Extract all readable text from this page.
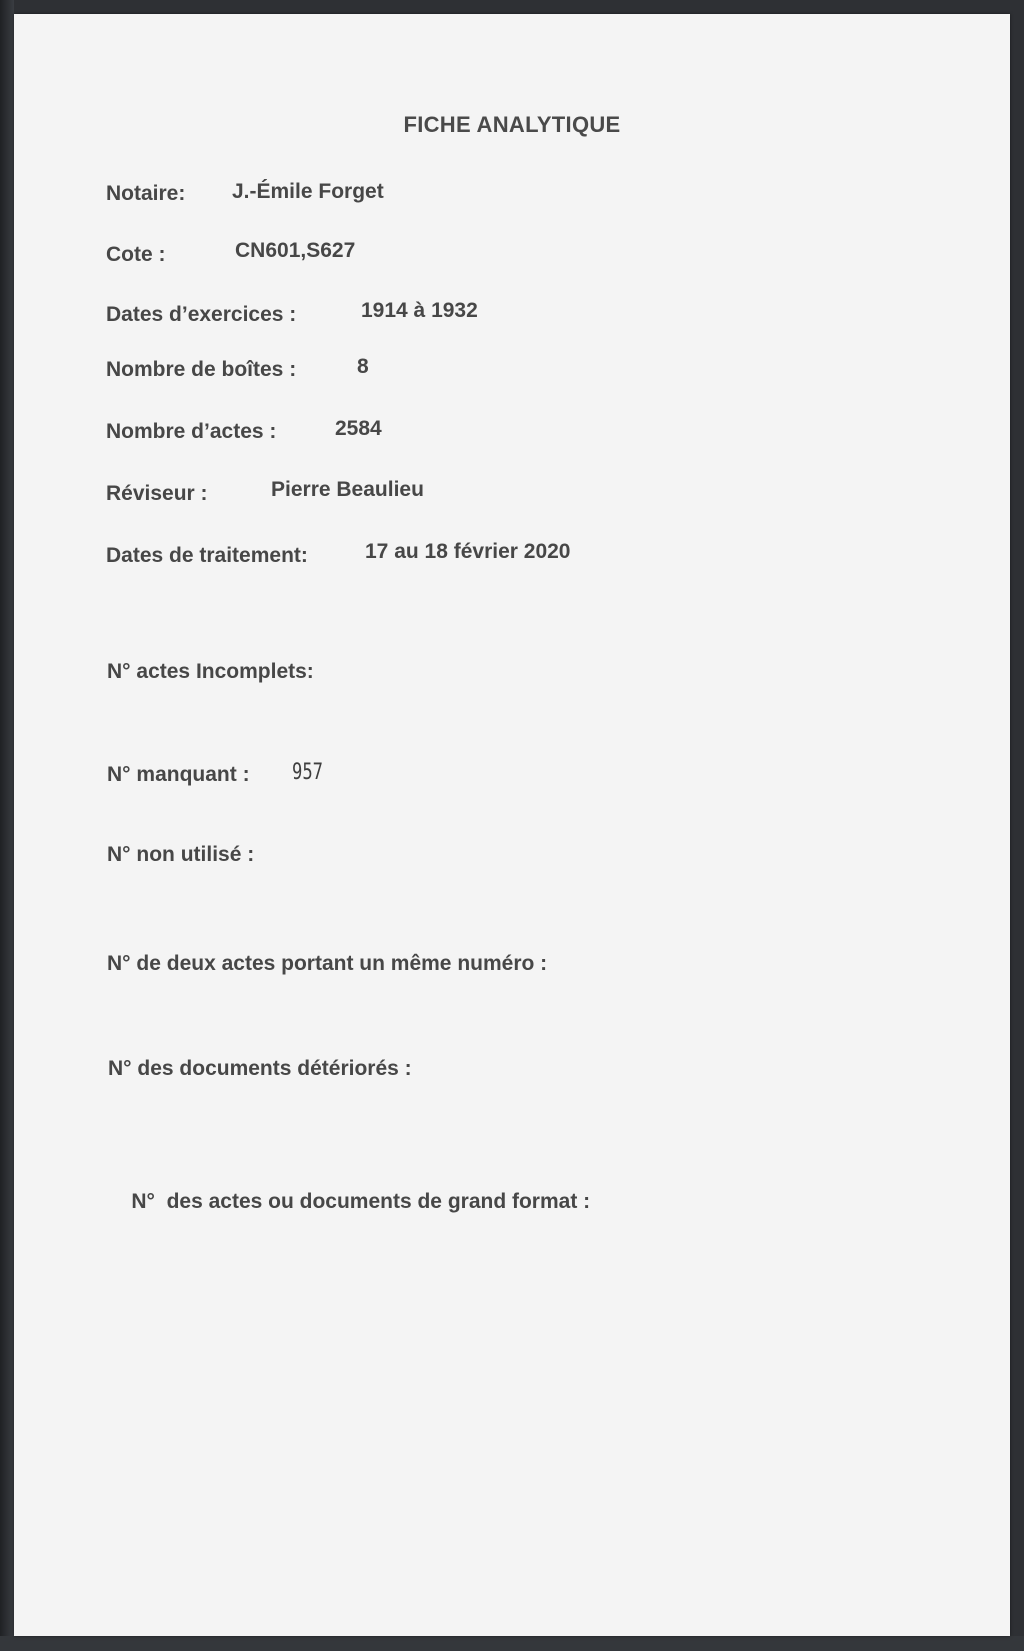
FICHE ANALYTIQUE
Notaire: J.-Émile Forget
Cote :	CN601,S627
Dates d’exercices :	1914 à 1932
Nombre de boîtes :	8
Nombre d’actes :	2584
Réviseur :	Pierre Beaulieu
Dates de traitement:	17 au 18 février 2020
N° actes Incomplets:
N° manquant : 957
N° non utilisé :
N° de deux actes portant un même numéro :
N° des documents détériorés :

N°  des actes ou documents de grand format :
